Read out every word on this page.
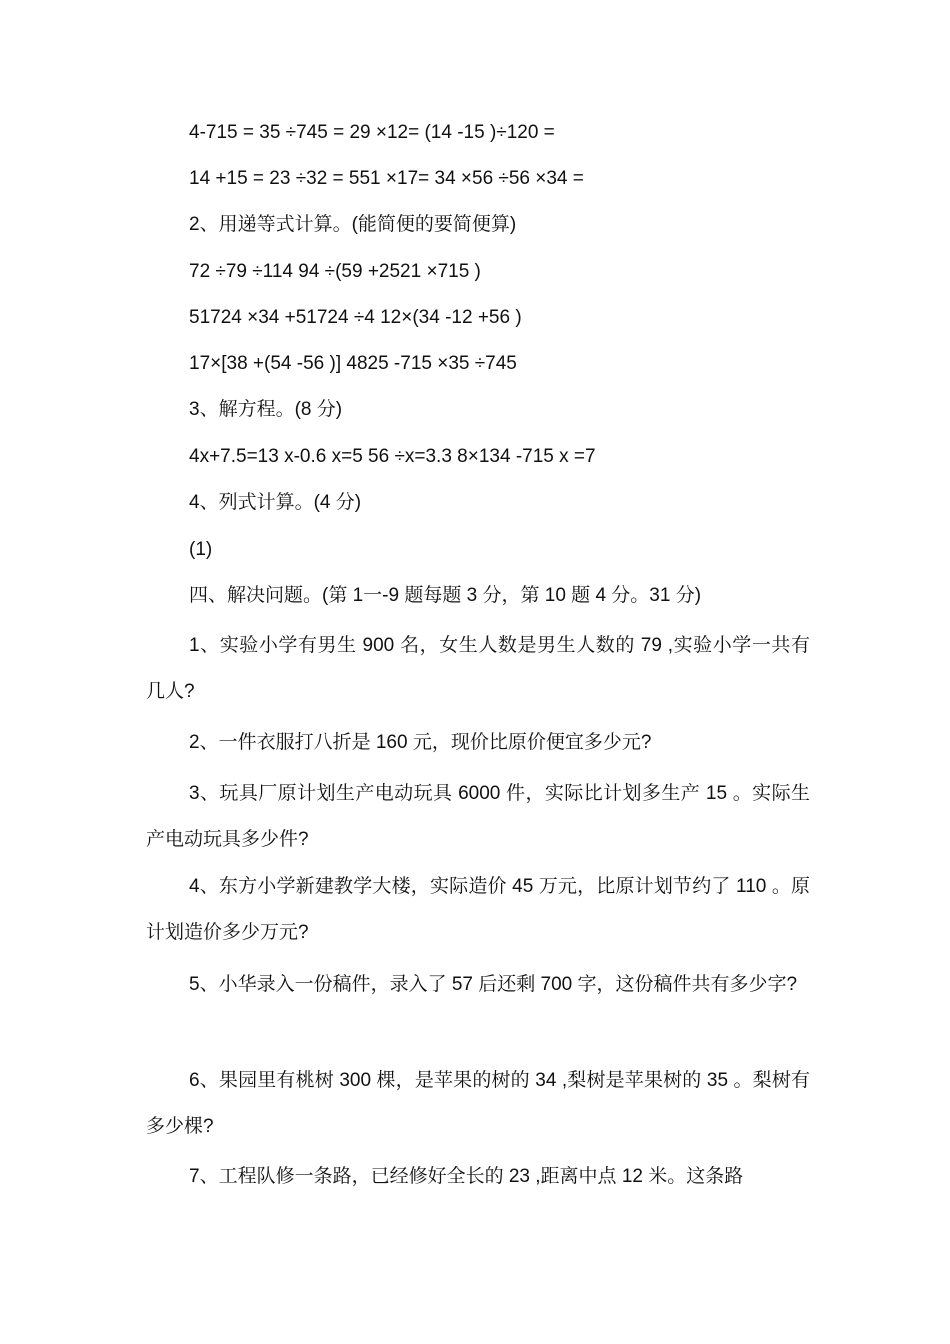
4-715 = 35 ÷745 = 29 ×12= (14 -15 )÷120 =
14 +15 = 23 ÷32 = 551 ×17= 34 ×56 ÷56 ×34 =
2、用递等式计算。(能简便的要简便算)
72 ÷79 ÷114 94 ÷(59 +2521 ×715 )
51724 ×34 +51724 ÷4 12×(34 -12 +56 )
17×[38 +(54 -56 )] 4825 -715 ×35 ÷745
3、解方程。(8 分)
4x+7.5=13 x-0.6 x=5 56 ÷x=3.3 8×134 -715 x =7
4、列式计算。(4 分)
(1)
四、解决问题。(第 1一-9 题每题 3 分，第 10 题 4 分。31 分)
1、实验小学有男生 900 名，女生人数是男生人数的 79 ,实验小学一共有几人?
2、一件衣服打八折是 160 元，现价比原价便宜多少元?
3、玩具厂原计划生产电动玩具 6000 件，实际比计划多生产 15 。实际生产电动玩具多少件?
4、东方小学新建教学大楼，实际造价 45 万元，比原计划节约了 110 。原计划造价多少万元?
5、小华录入一份稿件，录入了 57 后还剩 700 字，这份稿件共有多少字?
6、果园里有桃树 300 棵，是苹果的树的 34 ,梨树是苹果树的 35 。梨树有多少棵?
7、工程队修一条路，已经修好全长的 23 ,距离中点 12 米。这条路
